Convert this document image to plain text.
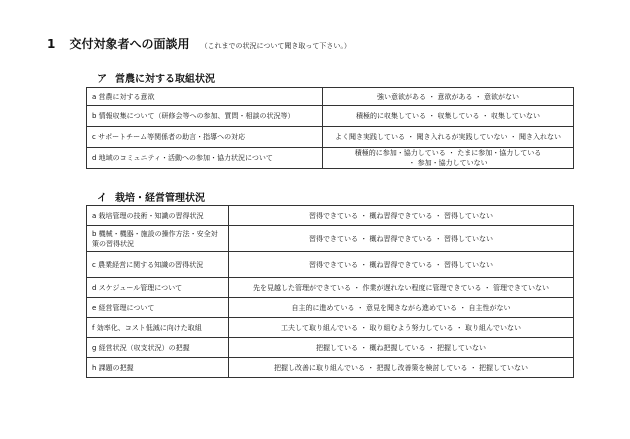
1 交付対象者への面談用 （これまでの状況について聞き取って下さい。）
ア 営農に対する取組状況
a 営農に対する意欲	強い意欲がある ・ 意欲がある ・ 意欲がない
b 情報収集について（研修会等への参加、質問・相談の状況等）	積極的に収集している ・ 収集している ・ 収集していない
c サポートチーム等関係者の助言・指導への対応	よく聞き実践している ・ 聞き入れるが実践していない ・ 聞き入れない
d 地域のコミュニティ・活動への参加・協力状況について	積極的に参加・協力している ・ たまに参加・協力している
・ 参加・協力していない
イ 栽培・経営管理状況
a 栽培管理の技術・知識の習得状況	習得できている ・ 概ね習得できている ・ 習得していない
b 機械・機器・施設の操作方法・安全対策の習得状況	習得できている ・ 概ね習得できている ・ 習得していない
c 農業経営に関する知識の習得状況	習得できている ・ 概ね習得できている ・ 習得していない
d スケジュール管理について	先を見越した管理ができている ・ 作業が遅れない程度に管理できている ・ 管理できていない
e 経営管理について	自主的に進めている ・ 意見を聞きながら進めている ・ 自主性がない
f 効率化、コスト低減に向けた取組	工夫して取り組んでいる ・ 取り組むよう努力している ・ 取り組んでいない
g 経営状況（収支状況）の把握	把握している ・ 概ね把握している ・ 把握していない
h 課題の把握	把握し改善に取り組んでいる ・ 把握し改善策を検討している ・ 把握していない
